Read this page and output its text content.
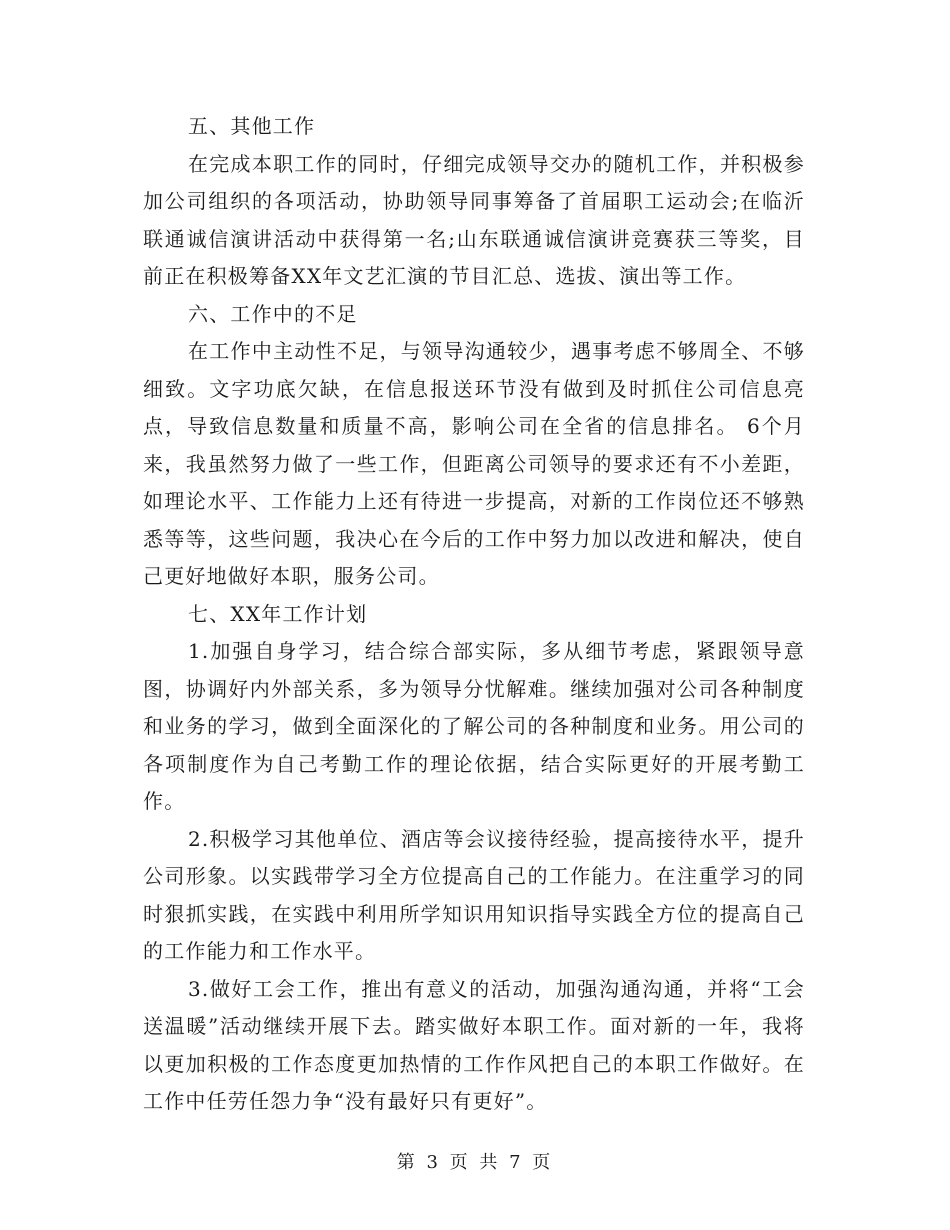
五、其他工作

在完成本职工作的同时，仔细完成领导交办的随机工作，并积极参加公司组织的各项活动，协助领导同事筹备了首届职工运动会;在临沂联通诚信演讲活动中获得第一名;山东联通诚信演讲竞赛获三等奖，目前正在积极筹备XX年文艺汇演的节目汇总、选拔、演出等工作。

六、工作中的不足

在工作中主动性不足，与领导沟通较少，遇事考虑不够周全、不够细致。文字功底欠缺，在信息报送环节没有做到及时抓住公司信息亮点，导致信息数量和质量不高，影响公司在全省的信息排名。 6个月来，我虽然努力做了一些工作，但距离公司领导的要求还有不小差距，如理论水平、工作能力上还有待进一步提高，对新的工作岗位还不够熟悉等等，这些问题，我决心在今后的工作中努力加以改进和解决，使自己更好地做好本职，服务公司。

七、XX年工作计划

1.加强自身学习，结合综合部实际，多从细节考虑，紧跟领导意图，协调好内外部关系，多为领导分忧解难。继续加强对公司各种制度和业务的学习，做到全面深化的了解公司的各种制度和业务。用公司的各项制度作为自己考勤工作的理论依据，结合实际更好的开展考勤工作。

2.积极学习其他单位、酒店等会议接待经验，提高接待水平，提升公司形象。以实践带学习全方位提高自己的工作能力。在注重学习的同时狠抓实践，在实践中利用所学知识用知识指导实践全方位的提高自己的工作能力和工作水平。

3.做好工会工作，推出有意义的活动，加强沟通沟通，并将“工会送温暖”活动继续开展下去。踏实做好本职工作。面对新的一年，我将以更加积极的工作态度更加热情的工作作风把自己的本职工作做好。在工作中任劳任怨力争“没有最好只有更好”。

第 3 页 共 7 页
